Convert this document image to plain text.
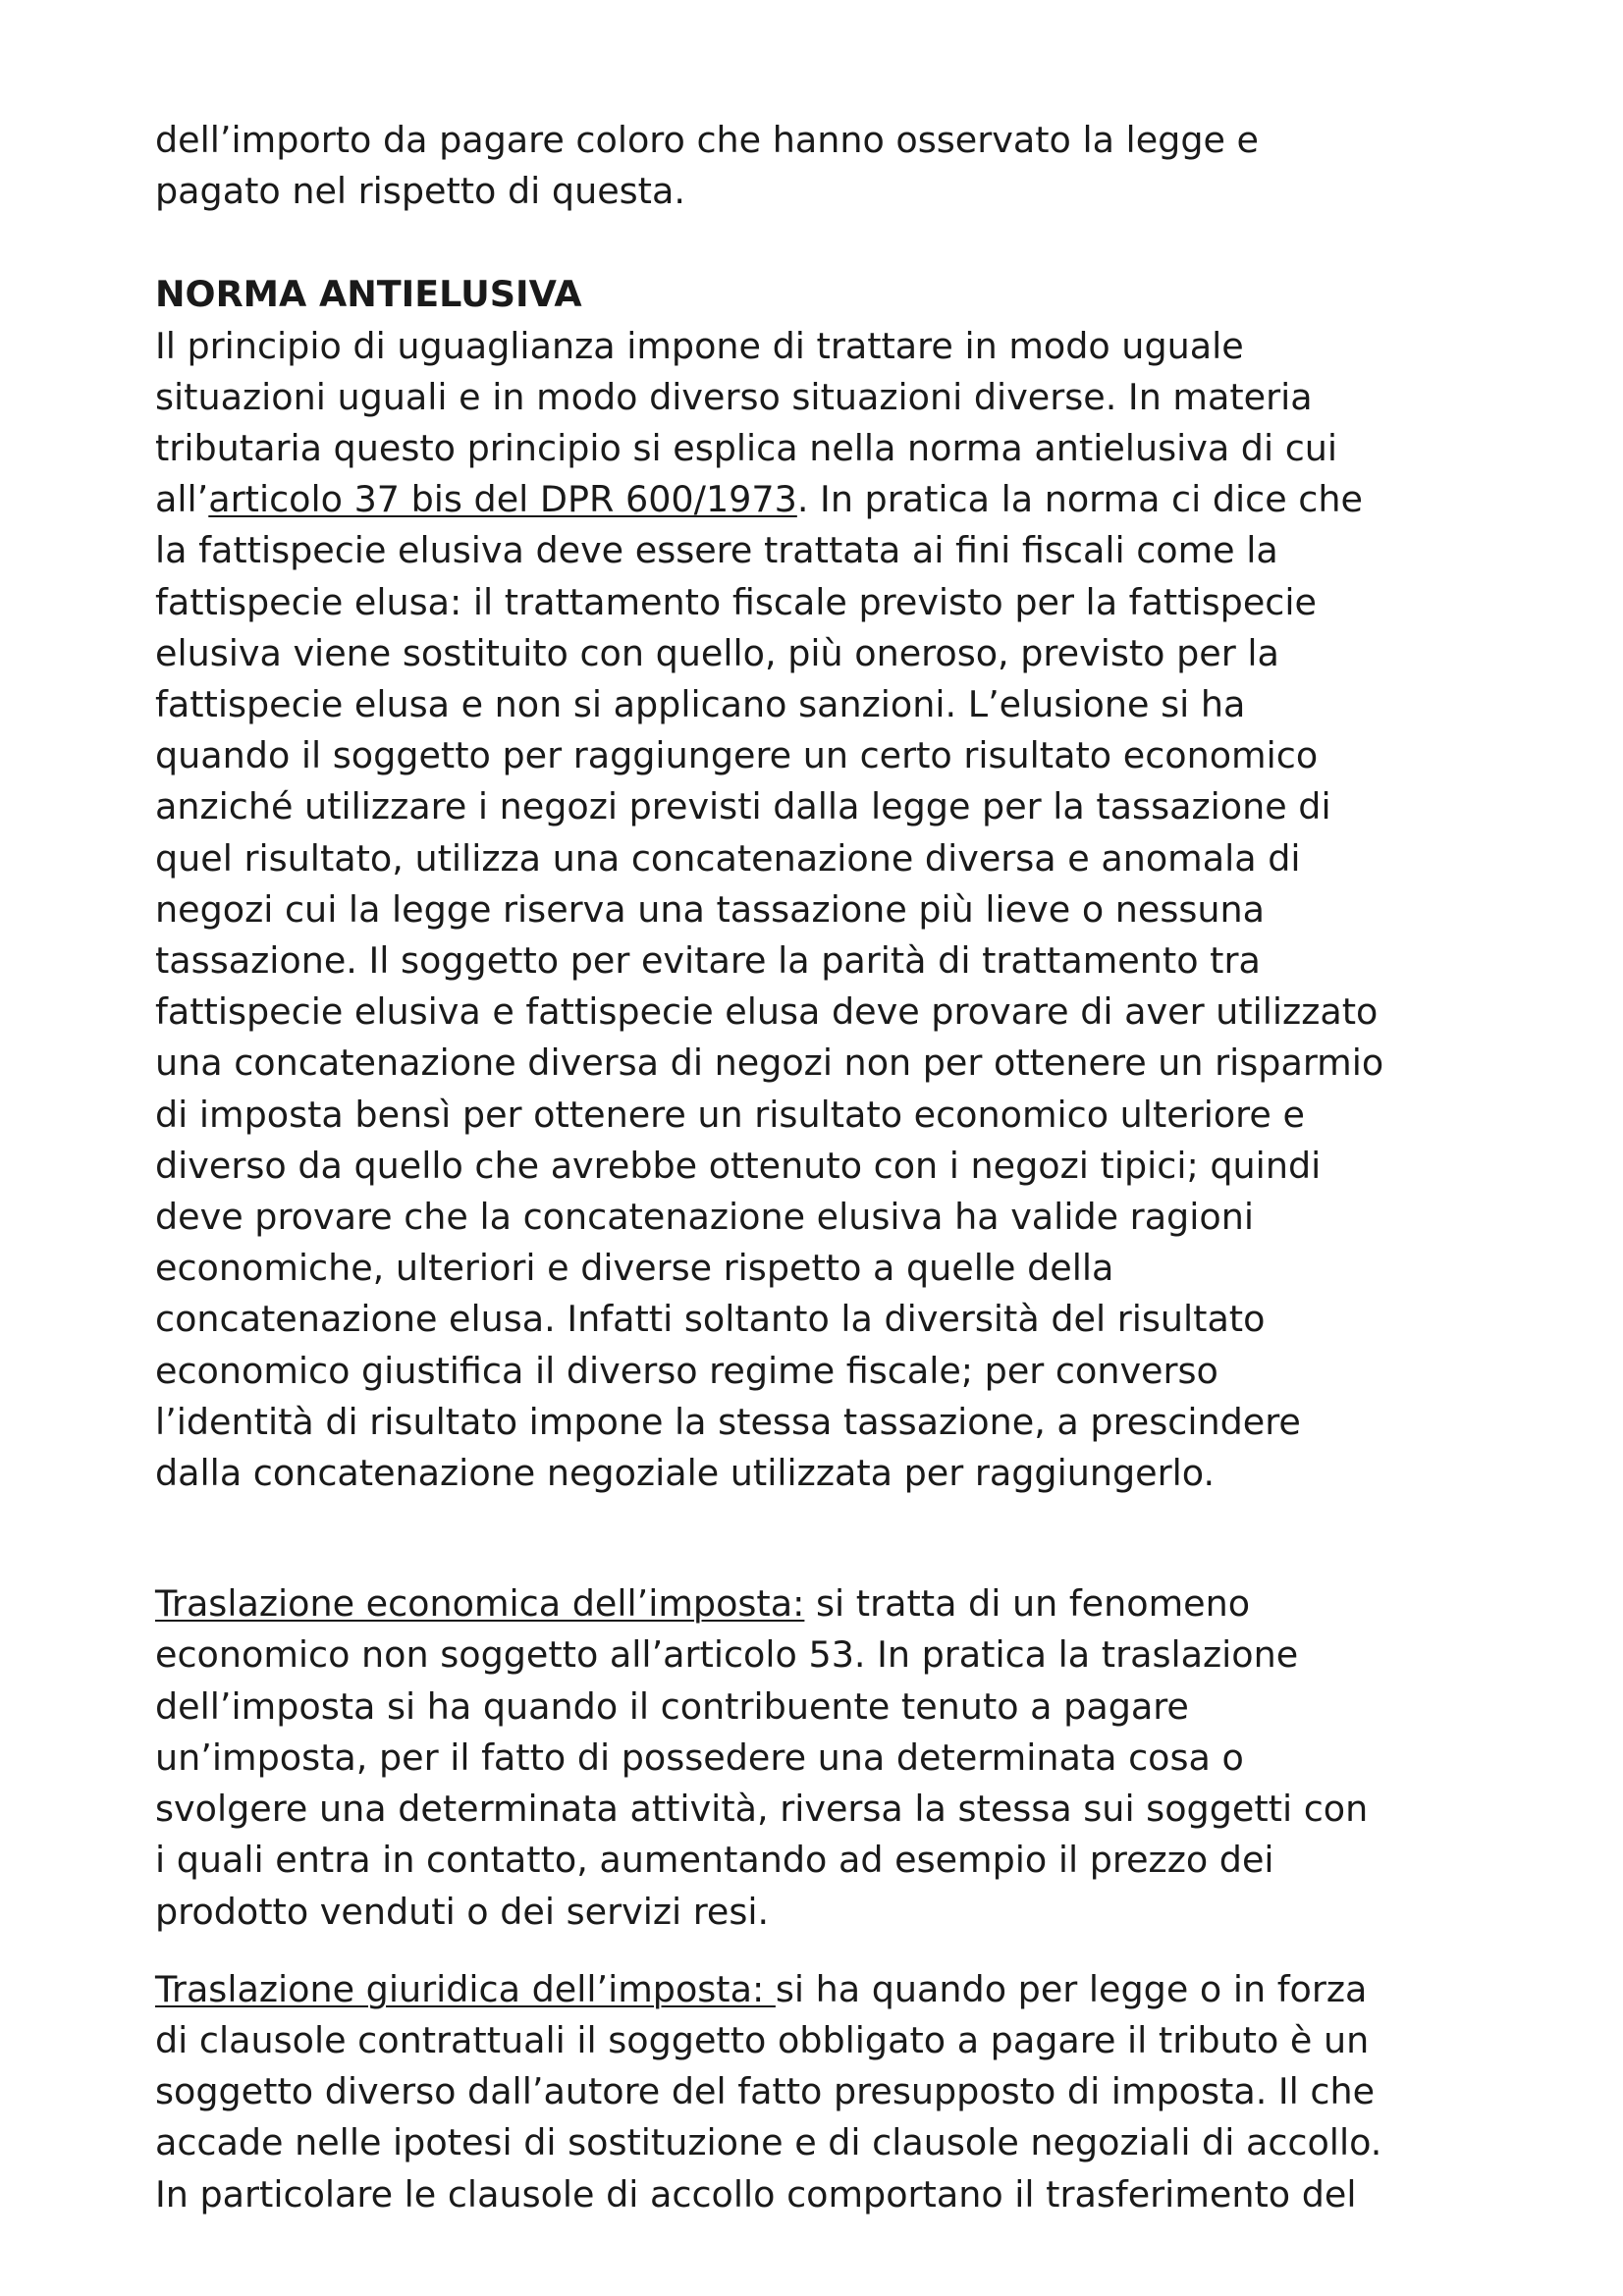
dell’importo da pagare coloro che hanno osservato la legge e
pagato nel rispetto di questa.
NORMA ANTIELUSIVA
Il principio di uguaglianza impone di trattare in modo uguale
situazioni uguali e in modo diverso situazioni diverse. In materia
tributaria questo principio si esplica nella norma antielusiva di cui
all’articolo 37 bis del DPR 600/1973. In pratica la norma ci dice che
la fattispecie elusiva deve essere trattata ai fini fiscali come la
fattispecie elusa: il trattamento fiscale previsto per la fattispecie
elusiva viene sostituito con quello, più oneroso, previsto per la
fattispecie elusa e non si applicano sanzioni. L’elusione si ha
quando il soggetto per raggiungere un certo risultato economico
anziché utilizzare i negozi previsti dalla legge per la tassazione di
quel risultato, utilizza una concatenazione diversa e anomala di
negozi cui la legge riserva una tassazione più lieve o nessuna
tassazione. Il soggetto per evitare la parità di trattamento tra
fattispecie elusiva e fattispecie elusa deve provare di aver utilizzato
una concatenazione diversa di negozi non per ottenere un risparmio
di imposta bensì per ottenere un risultato economico ulteriore e
diverso da quello che avrebbe ottenuto con i negozi tipici; quindi
deve provare che la concatenazione elusiva ha valide ragioni
economiche, ulteriori e diverse rispetto a quelle della
concatenazione elusa. Infatti soltanto la diversità del risultato
economico giustifica il diverso regime fiscale; per converso
l’identità di risultato impone la stessa tassazione, a prescindere
dalla concatenazione negoziale utilizzata per raggiungerlo.
Traslazione economica dell’imposta: si tratta di un fenomeno
economico non soggetto all’articolo 53. In pratica la traslazione
dell’imposta si ha quando il contribuente tenuto a pagare
un’imposta, per il fatto di possedere una determinata cosa o
svolgere una determinata attività, riversa la stessa sui soggetti con
i quali entra in contatto, aumentando ad esempio il prezzo dei
prodotto venduti o dei servizi resi.
Traslazione giuridica dell’imposta: si ha quando per legge o in forza
di clausole contrattuali il soggetto obbligato a pagare il tributo è un
soggetto diverso dall’autore del fatto presupposto di imposta. Il che
accade nelle ipotesi di sostituzione e di clausole negoziali di accollo.
In particolare le clausole di accollo comportano il trasferimento del
